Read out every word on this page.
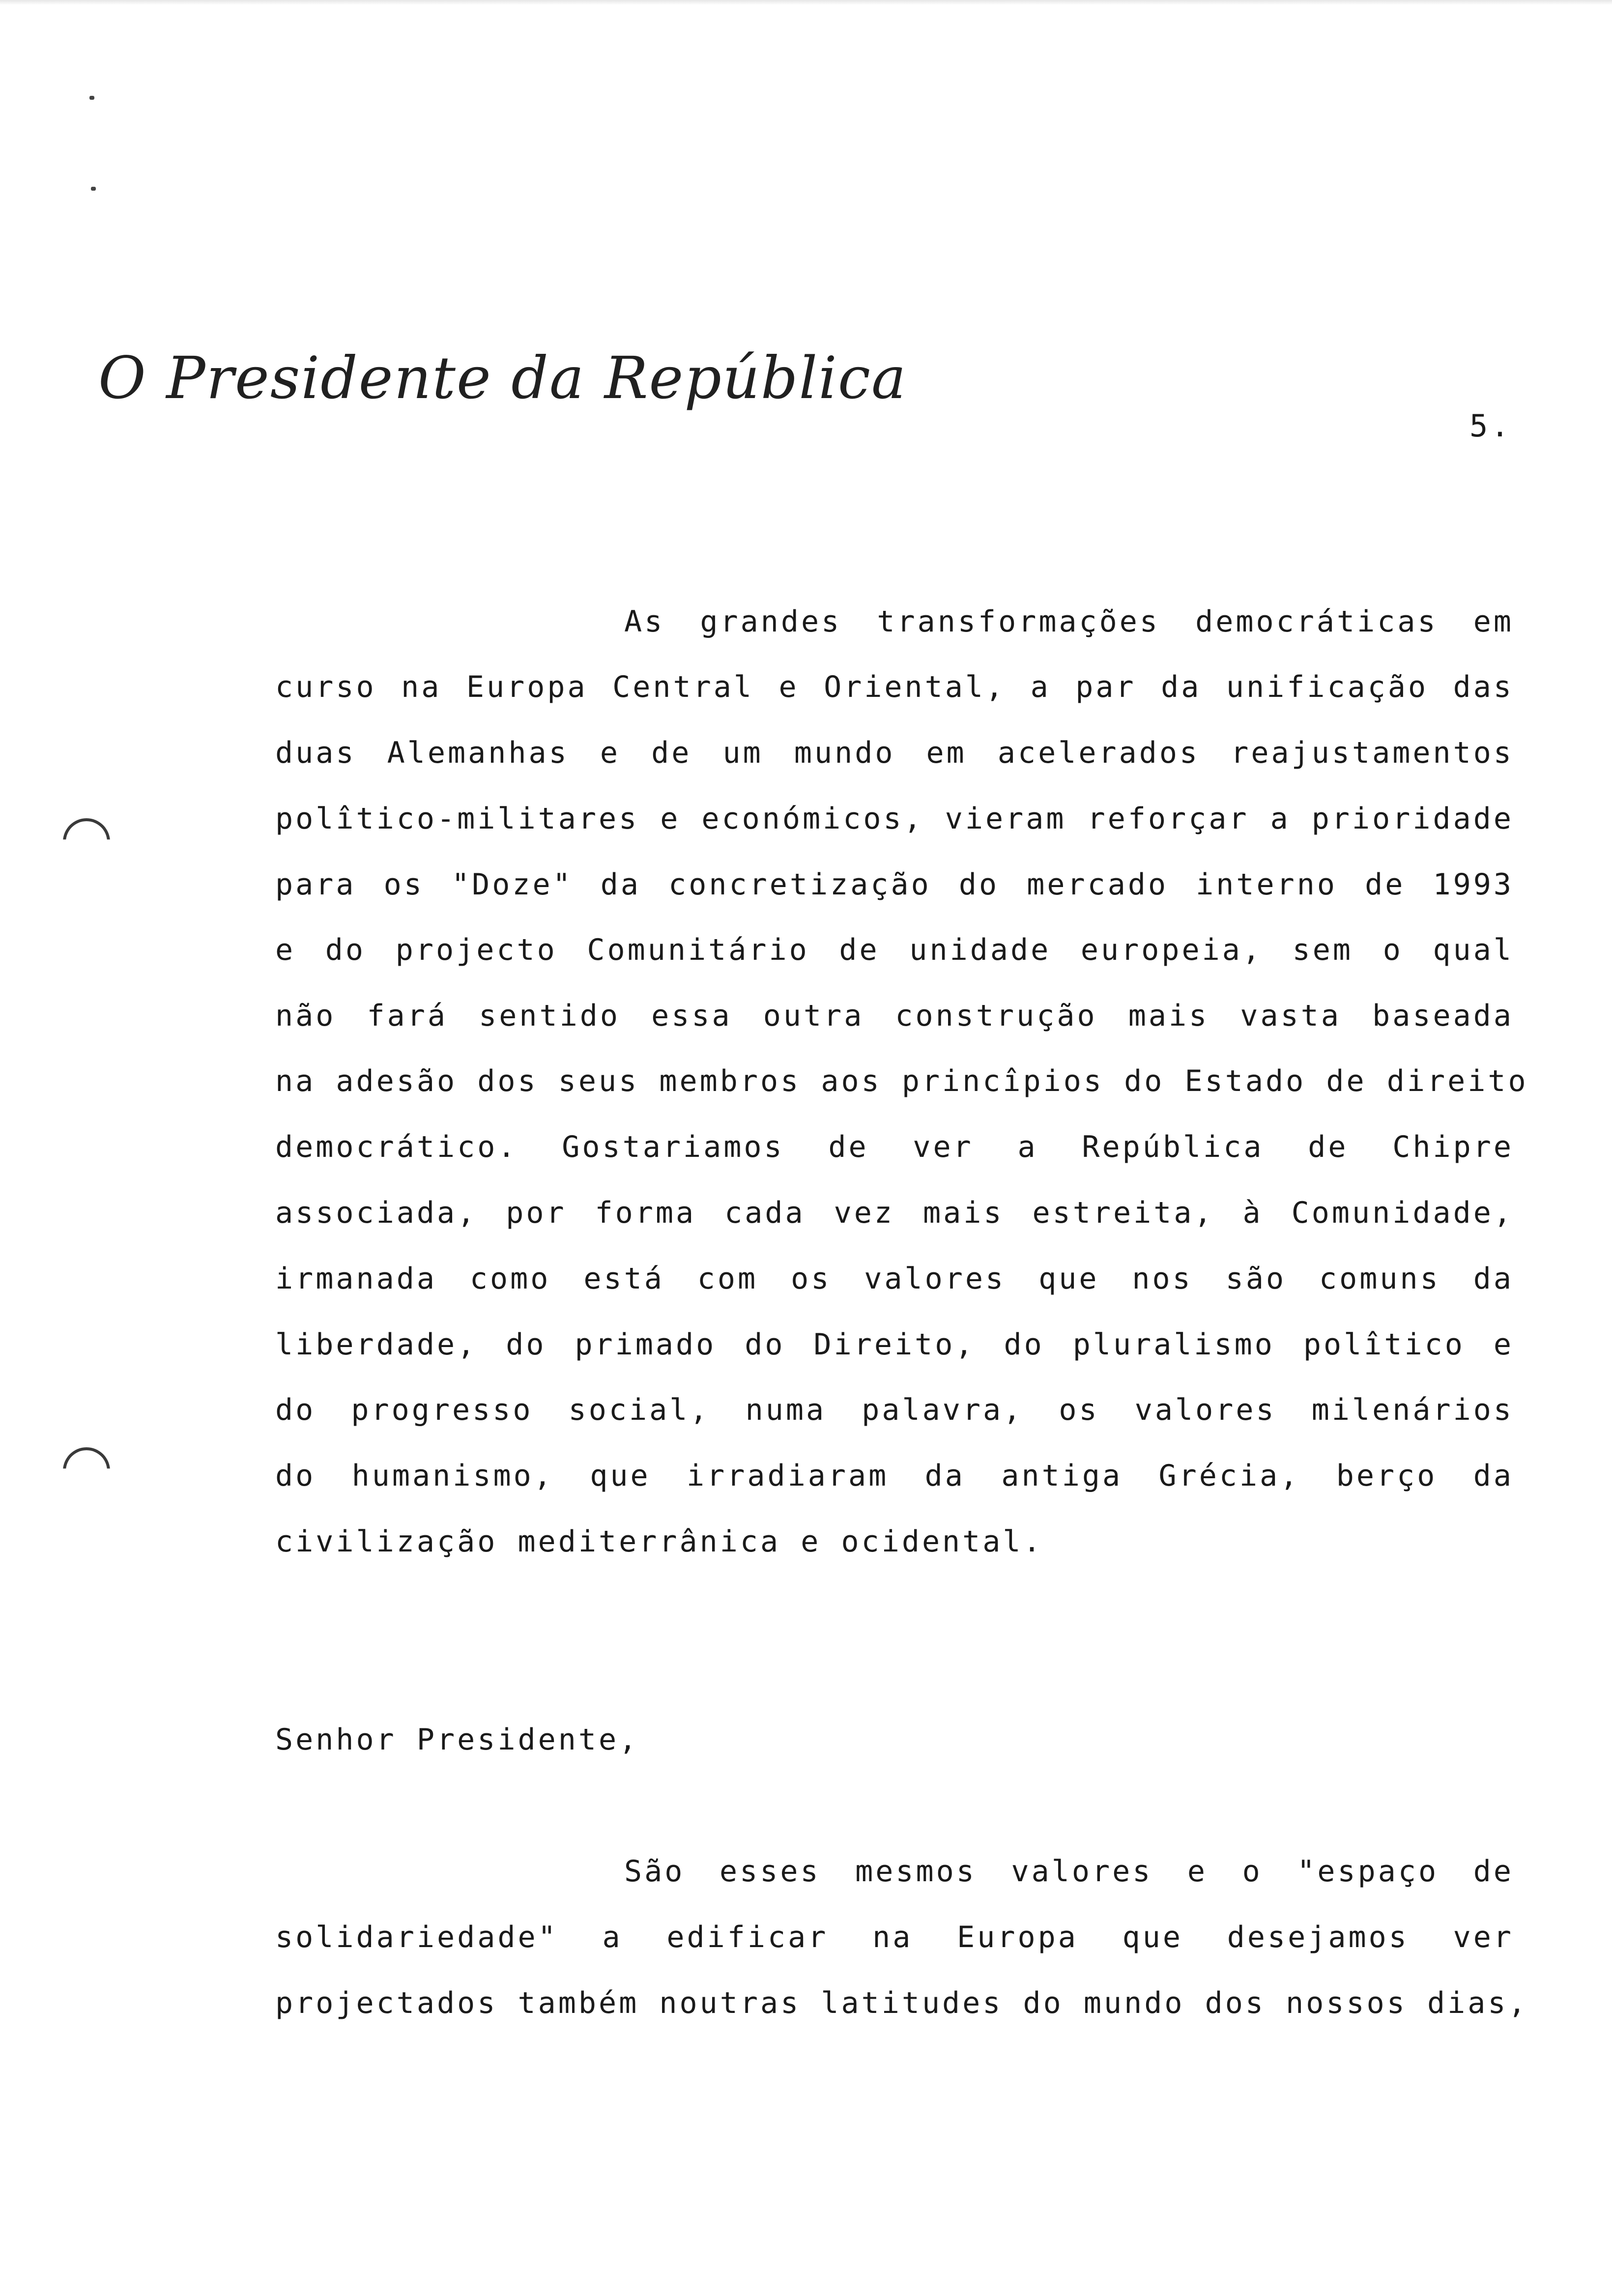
O Presidente da República
5.
As grandes transformações democráticas em
curso na Europa Central e Oriental, a par da unificação das
duas Alemanhas e de um mundo em acelerados reajustamentos
polîtico-militares e económicos, vieram reforçar a prioridade
para os "Doze" da concretização do mercado interno de 1993
e do projecto Comunitário de unidade europeia, sem o qual
não fará sentido essa outra construção mais vasta baseada
na adesão dos seus membros aos princîpios do Estado de direito
democrático. Gostariamos de ver a República de Chipre
associada, por forma cada vez mais estreita, à Comunidade,
irmanada como está com os valores que nos são comuns da
liberdade, do primado do Direito, do pluralismo polîtico e
do progresso social, numa palavra, os valores milenários
do humanismo, que irradiaram da antiga Grécia, berço da
civilização mediterrânica e ocidental.
Senhor Presidente,
São esses mesmos valores e o "espaço de
solidariedade" a edificar na Europa que desejamos ver
projectados também noutras latitudes do mundo dos nossos dias,
